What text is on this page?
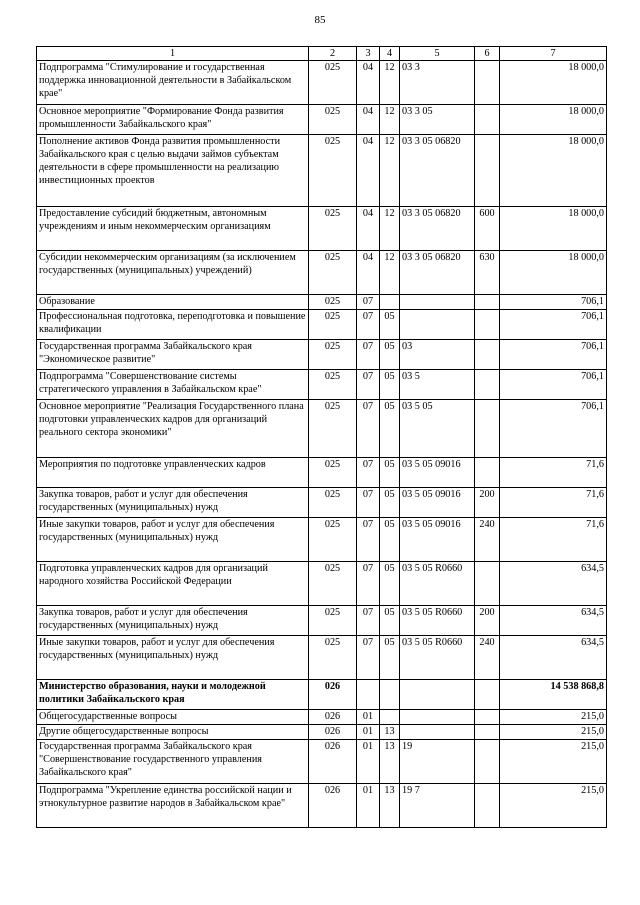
85
1	2	3	4	5	6	7
Подпрограмма "Стимулирование и государственная поддержка инновационной деятельности в Забайкальском крае"	025	04	12	03 3		18 000,0
Основное мероприятие "Формирование Фонда развития промышленности Забайкальского края"	025	04	12	03 3 05		18 000,0
Пополнение активов Фонда развития промышленности Забайкальского края с целью выдачи займов субъектам деятельности в сфере промышленности на реализацию инвестиционных проектов	025	04	12	03 3 05 06820		18 000,0
Предоставление субсидий бюджетным, автономным учреждениям и иным некоммерческим организациям	025	04	12	03 3 05 06820	600	18 000,0
Субсидии некоммерческим организациям (за исключением государственных (муниципальных) учреждений)	025	04	12	03 3 05 06820	630	18 000,0
Образование	025	07				706,1
Профессиональная подготовка, переподготовка и повышение квалификации	025	07	05			706,1
Государственная программа Забайкальского края "Экономическое развитие"	025	07	05	03		706,1
Подпрограмма "Совершенствование системы стратегического управления в Забайкальском крае"	025	07	05	03 5		706,1
Основное мероприятие "Реализация Государственного плана подготовки управленческих кадров для организаций реального сектора экономики"	025	07	05	03 5 05		706,1
Мероприятия по подготовке управленческих кадров	025	07	05	03 5 05 09016		71,6
Закупка товаров, работ и услуг для обеспечения государственных (муниципальных) нужд	025	07	05	03 5 05 09016	200	71,6
Иные закупки товаров, работ и услуг для обеспечения государственных (муниципальных) нужд	025	07	05	03 5 05 09016	240	71,6
Подготовка управленческих кадров для организаций народного хозяйства Российской Федерации	025	07	05	03 5 05 R0660		634,5
Закупка товаров, работ и услуг для обеспечения государственных (муниципальных) нужд	025	07	05	03 5 05 R0660	200	634,5
Иные закупки товаров, работ и услуг для обеспечения государственных (муниципальных) нужд	025	07	05	03 5 05 R0660	240	634,5
Министерство образования, науки и молодежной политики Забайкальского края	026					14 538 868,8
Общегосударственные вопросы	026	01				215,0
Другие общегосударственные вопросы	026	01	13			215,0
Государственная программа Забайкальского края "Совершенствование государственного управления Забайкальского края"	026	01	13	19		215,0
Подпрограмма "Укрепление единства российской нации и этнокультурное развитие народов в Забайкальском крае"	026	01	13	19 7		215,0
